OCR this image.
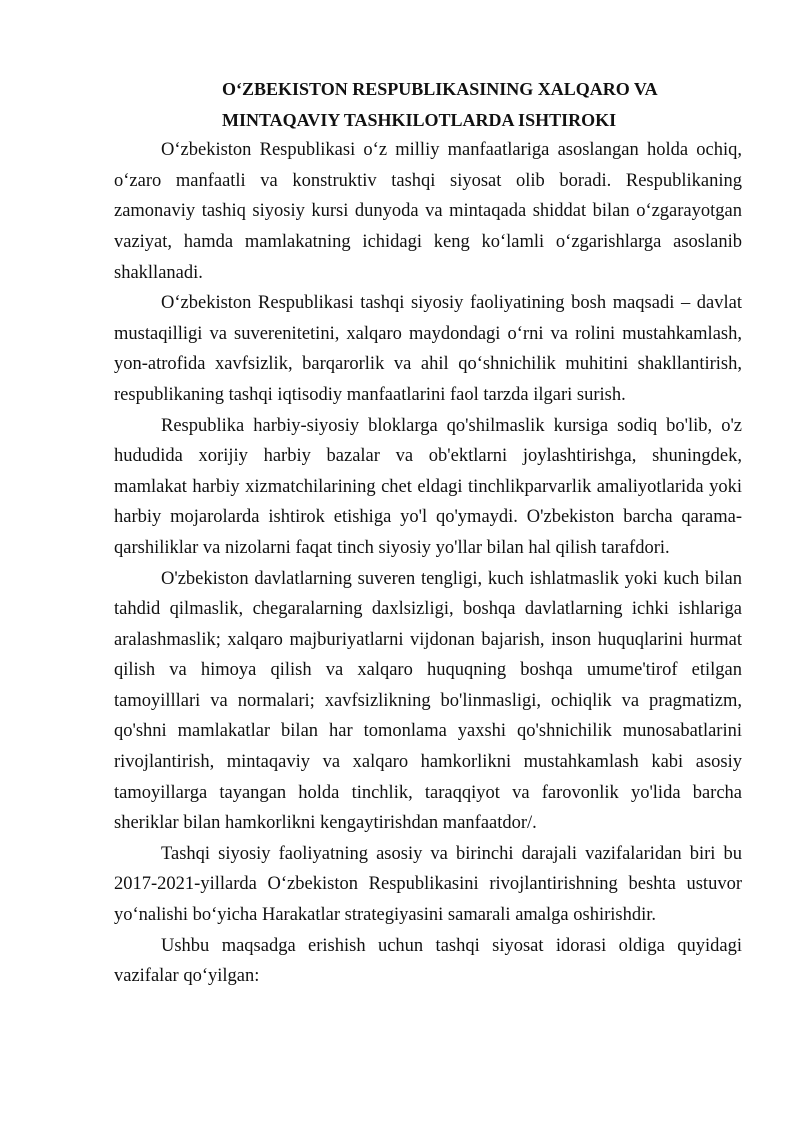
O‘ZBEKISTON RESPUBLIKASINING XALQARO VA
MINTAQAVIY TASHKILOTLARDA ISHTIROKI

O‘zbekiston Respublikasi o‘z milliy manfaatlariga asoslangan holda ochiq, o‘zaro manfaatli va konstruktiv tashqi siyosat olib boradi. Respublikaning zamonaviy tashiq siyosiy kursi dunyoda va mintaqada shiddat bilan o‘zgarayotgan vaziyat, hamda mamlakatning ichidagi keng ko‘lamli o‘zgarishlarga asoslanib shakllanadi.

O‘zbekiston Respublikasi tashqi siyosiy faoliyatining bosh maqsadi – davlat mustaqilligi va suverenitetini, xalqaro maydondagi o‘rni va rolini mustahkamlash, yon-atrofida xavfsizlik, barqarorlik va ahil qo‘shnichilik muhitini shakllantirish, respublikaning tashqi iqtisodiy manfaatlarini faol tarzda ilgari surish.

Respublika harbiy-siyosiy bloklarga qo'shilmaslik kursiga sodiq bo'lib, o'z hududida xorijiy harbiy bazalar va ob'ektlarni joylashtirishga, shuningdek, mamlakat harbiy xizmatchilarining chet eldagi tinchlikparvarlik amaliyotlarida yoki harbiy mojarolarda ishtirok etishiga yo'l qo'ymaydi. O'zbekiston barcha qarama-qarshiliklar va nizolarni faqat tinch siyosiy yo'llar bilan hal qilish tarafdori.

O'zbekiston davlatlarning suveren tengligi, kuch ishlatmaslik yoki kuch bilan tahdid qilmaslik, chegaralarning daxlsizligi, boshqa davlatlarning ichki ishlariga aralashmaslik; xalqaro majburiyatlarni vijdonan bajarish, inson huquqlarini hurmat qilish va himoya qilish va xalqaro huquqning boshqa umume'tirof etilgan tamoyilllari va normalari; xavfsizlikning bo'linmasligi, ochiqlik va pragmatizm, qo'shni mamlakatlar bilan har tomonlama yaxshi qo'shnichilik munosabatlarini rivojlantirish, mintaqaviy va xalqaro hamkorlikni mustahkamlash kabi asosiy tamoyillarga tayangan holda tinchlik, taraqqiyot va farovonlik yo'lida barcha sheriklar bilan hamkorlikni kengaytirishdan manfaatdor/.

Tashqi siyosiy faoliyatning asosiy va birinchi darajali vazifalaridan biri bu 2017-2021-yillarda O‘zbekiston Respublikasini rivojlantirishning beshta ustuvor yo‘nalishi bo‘yicha Harakatlar strategiyasini samarali amalga oshirishdir.

Ushbu maqsadga erishish uchun tashqi siyosat idorasi oldiga quyidagi vazifalar qo‘yilgan:
